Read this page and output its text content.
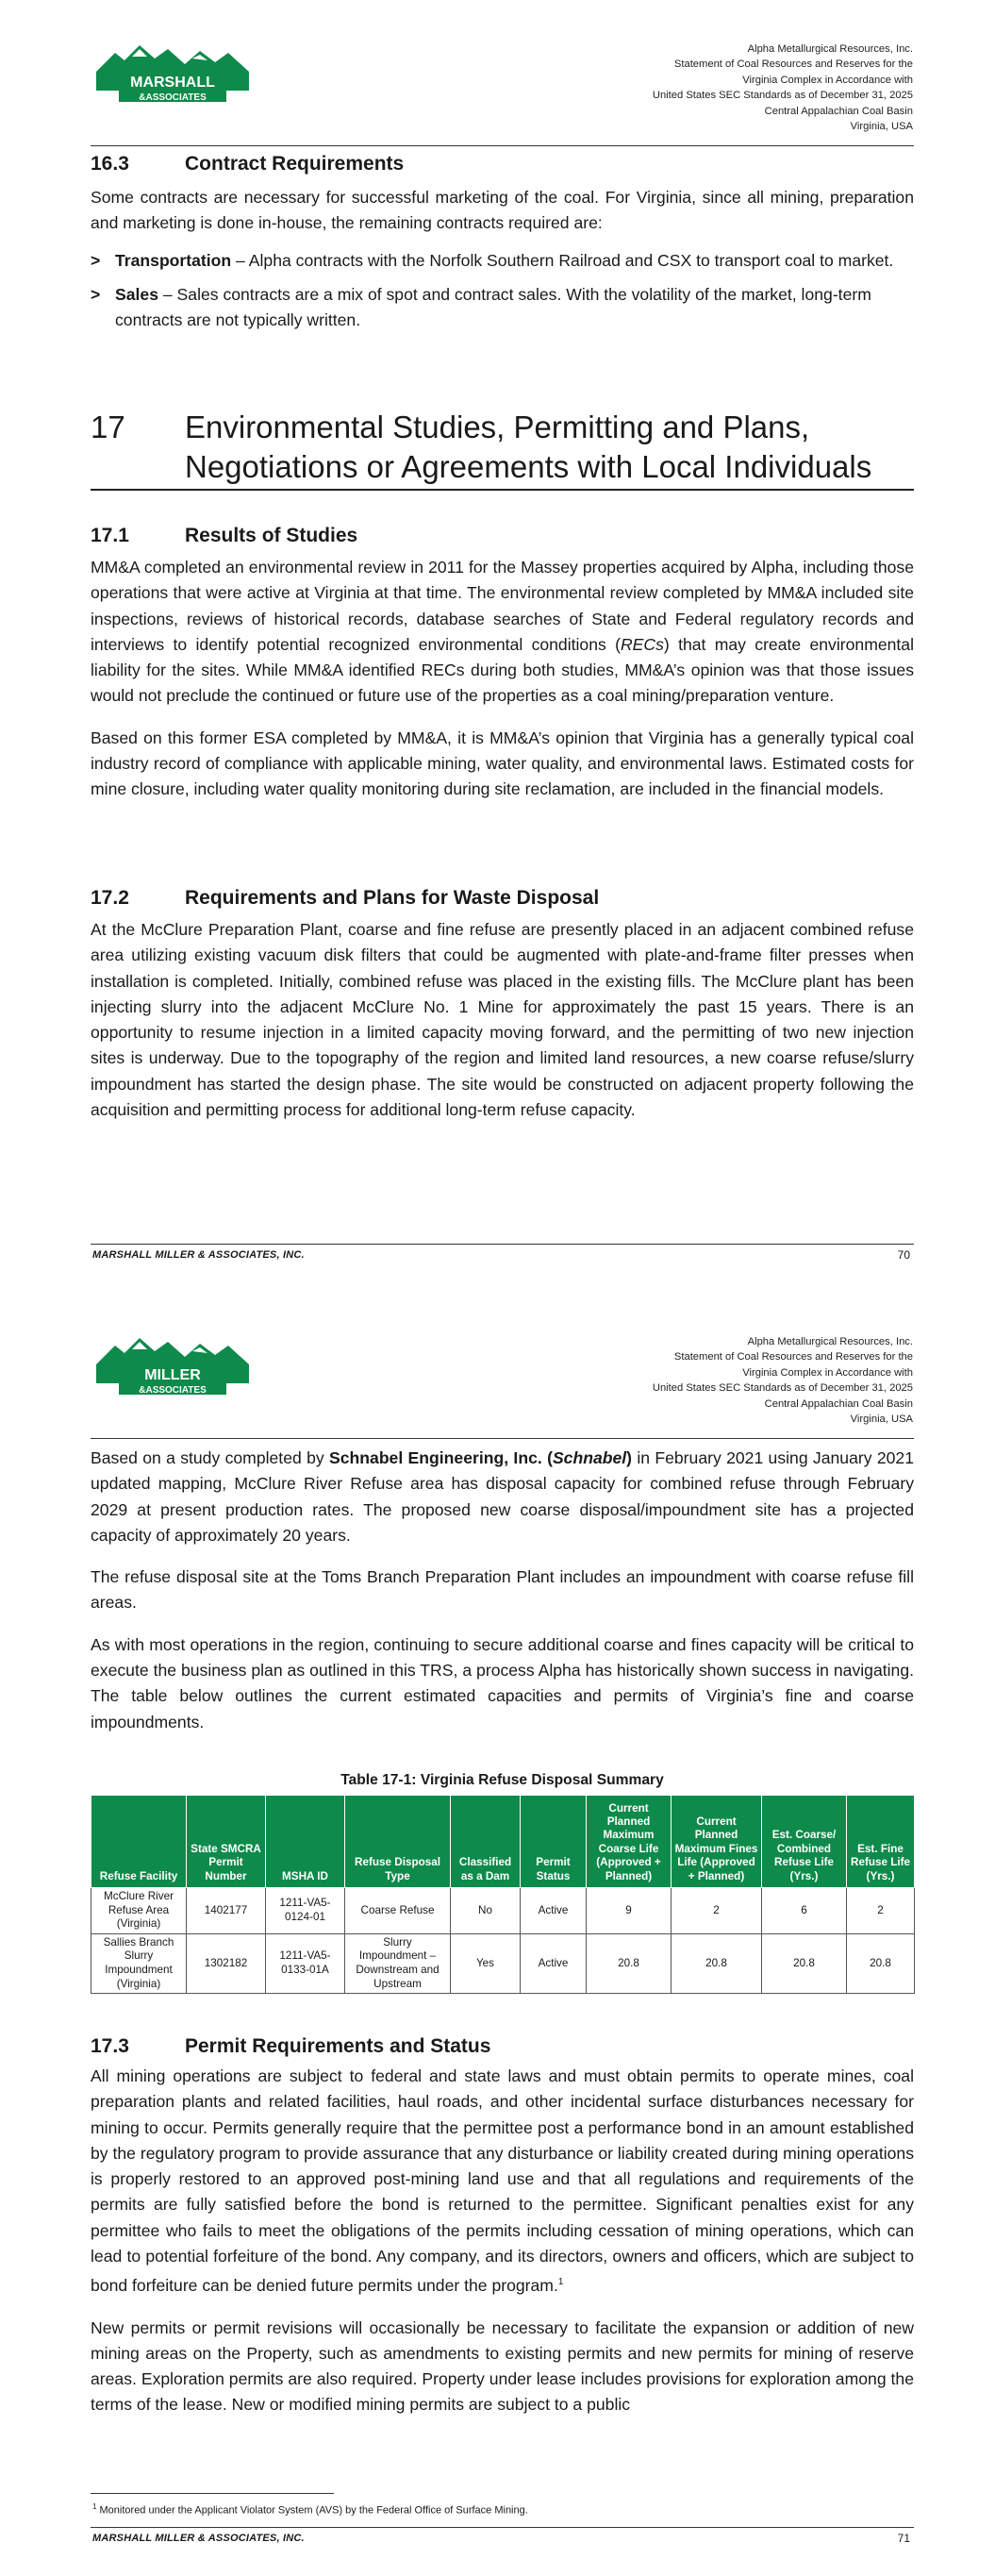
MARSHALL
&ASSOCIATES
Alpha Metallurgical Resources, Inc.
Statement of Coal Resources and Reserves for the
Virginia Complex in Accordance with
United States SEC Standards as of December 31, 2025
Central Appalachian Coal Basin
Virginia, USA
16.3	Contract Requirements

Some contracts are necessary for successful marketing of the coal. For Virginia, since all mining, preparation and marketing is done in-house, the remaining contracts required are:

> Transportation – Alpha contracts with the Norfolk Southern Railroad and CSX to transport coal to market.
> Sales – Sales contracts are a mix of spot and contract sales. With the volatility of the market, long-term contracts are not typically written.
17	Environmental Studies, Permitting and Plans, Negotiations or Agreements with Local Individuals
17.1	Results of Studies

MM&A completed an environmental review in 2011 for the Massey properties acquired by Alpha, including those operations that were active at Virginia at that time. The environmental review completed by MM&A included site inspections, reviews of historical records, database searches of State and Federal regulatory records and interviews to identify potential recognized environmental conditions (RECs) that may create environmental liability for the sites. While MM&A identified RECs during both studies, MM&A’s opinion was that those issues would not preclude the continued or future use of the properties as a coal mining/preparation venture.

Based on this former ESA completed by MM&A, it is MM&A’s opinion that Virginia has a generally typical coal industry record of compliance with applicable mining, water quality, and environmental laws. Estimated costs for mine closure, including water quality monitoring during site reclamation, are included in the financial models.

17.2	Requirements and Plans for Waste Disposal

At the McClure Preparation Plant, coarse and fine refuse are presently placed in an adjacent combined refuse area utilizing existing vacuum disk filters that could be augmented with plate-and-frame filter presses when installation is completed. Initially, combined refuse was placed in the existing fills. The McClure plant has been injecting slurry into the adjacent McClure No. 1 Mine for approximately the past 15 years. There is an opportunity to resume injection in a limited capacity moving forward, and the permitting of two new injection sites is underway. Due to the topography of the region and limited land resources, a new coarse refuse/slurry impoundment has started the design phase. The site would be constructed on adjacent property following the acquisition and permitting process for additional long-term refuse capacity.

MARSHALL MILLER & ASSOCIATES, INC.	70
MILLER
&ASSOCIATES
Alpha Metallurgical Resources, Inc.
Statement of Coal Resources and Reserves for the
Virginia Complex in Accordance with
United States SEC Standards as of December 31, 2025
Central Appalachian Coal Basin
Virginia, USA

Based on a study completed by Schnabel Engineering, Inc. (Schnabel) in February 2021 using January 2021 updated mapping, McClure River Refuse area has disposal capacity for combined refuse through February 2029 at present production rates. The proposed new coarse disposal/impoundment site has a projected capacity of approximately 20 years.

The refuse disposal site at the Toms Branch Preparation Plant includes an impoundment with coarse refuse fill areas.

As with most operations in the region, continuing to secure additional coarse and fines capacity will be critical to execute the business plan as outlined in this TRS, a process Alpha has historically shown success in navigating. The table below outlines the current estimated capacities and permits of Virginia’s fine and coarse impoundments.

Table 17-1: Virginia Refuse Disposal Summary

Refuse Facility	State SMCRA Permit Number	MSHA ID	Refuse Disposal Type	Classified as a Dam	Permit Status	Current Planned Maximum Coarse Life (Approved + Planned)	Current Planned Maximum Fines Life (Approved + Planned)	Est. Coarse/ Combined Refuse Life (Yrs.)	Est. Fine Refuse Life (Yrs.)
McClure River Refuse Area (Virginia)	1402177	1211-VA5-0124-01	Coarse Refuse	No	Active	9	2	6	2
Sallies Branch Slurry Impoundment (Virginia)	1302182	1211-VA5-0133-01A	Slurry Impoundment – Downstream and Upstream	Yes	Active	20.8	20.8	20.8	20.8
17.3	Permit Requirements and Status

All mining operations are subject to federal and state laws and must obtain permits to operate mines, coal preparation plants and related facilities, haul roads, and other incidental surface disturbances necessary for mining to occur. Permits generally require that the permittee post a performance bond in an amount established by the regulatory program to provide assurance that any disturbance or liability created during mining operations is properly restored to an approved post-mining land use and that all regulations and requirements of the permits are fully satisfied before the bond is returned to the permittee. Significant penalties exist for any permittee who fails to meet the obligations of the permits including cessation of mining operations, which can lead to potential forfeiture of the bond. Any company, and its directors, owners and officers, which are subject to bond forfeiture can be denied future permits under the program.$^1$

New permits or permit revisions will occasionally be necessary to facilitate the expansion or addition of new mining areas on the Property, such as amendments to existing permits and new permits for mining of reserve areas. Exploration permits are also required. Property under lease includes provisions for exploration among the terms of the lease. New or modified mining permits are subject to a public

$^1$ Monitored under the Applicant Violator System (AVS) by the Federal Office of Surface Mining.
MARSHALL MILLER & ASSOCIATES, INC.	71
